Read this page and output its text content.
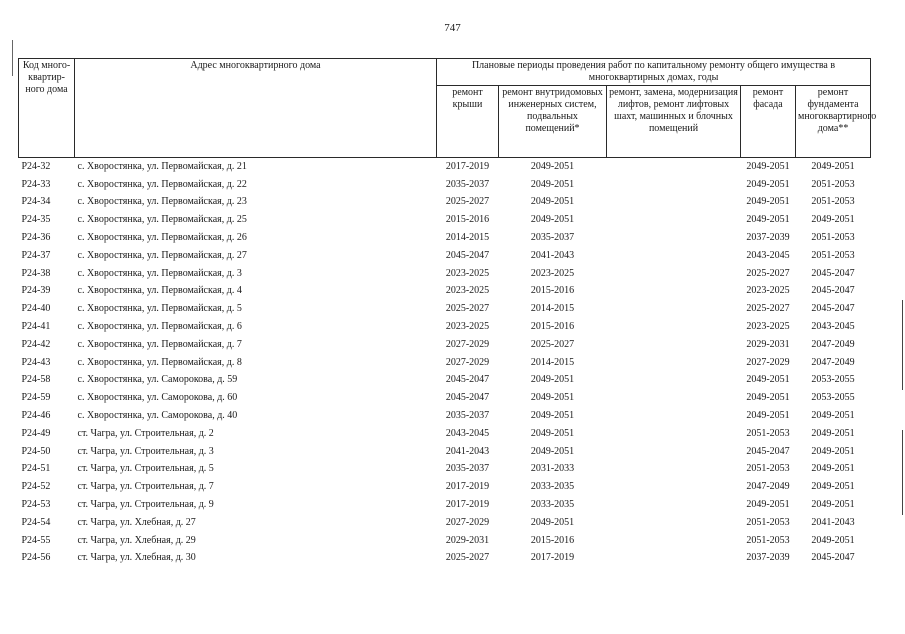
747
Код много-квартир-ного дома	Адрес многоквартирного дома	Плановые периоды проведения работ по капитальному ремонту общего имущества в многоквартирных домах, годы				
		ремонт крыши	ремонт внутридомовых инженерных систем, подвальных помещений*	ремонт, замена, модернизация лифтов, ремонт лифтовых шахт, машинных и блочных помещений	ремонт фасада	ремонт фундамента многоквартирного дома**
P24-32	с. Хворостянка, ул. Первомайская, д. 21	2017-2019	2049-2051		2049-2051	2049-2051
P24-33	с. Хворостянка, ул. Первомайская, д. 22	2035-2037	2049-2051		2049-2051	2051-2053
P24-34	с. Хворостянка, ул. Первомайская, д. 23	2025-2027	2049-2051		2049-2051	2051-2053
P24-35	с. Хворостянка, ул. Первомайская, д. 25	2015-2016	2049-2051		2049-2051	2049-2051
P24-36	с. Хворостянка, ул. Первомайская, д. 26	2014-2015	2035-2037		2037-2039	2051-2053
P24-37	с. Хворостянка, ул. Первомайская, д. 27	2045-2047	2041-2043		2043-2045	2051-2053
P24-38	с. Хворостянка, ул. Первомайская, д. 3	2023-2025	2023-2025		2025-2027	2045-2047
P24-39	с. Хворостянка, ул. Первомайская, д. 4	2023-2025	2015-2016		2023-2025	2045-2047
P24-40	с. Хворостянка, ул. Первомайская, д. 5	2025-2027	2014-2015		2025-2027	2045-2047
P24-41	с. Хворостянка, ул. Первомайская, д. 6	2023-2025	2015-2016		2023-2025	2043-2045
P24-42	с. Хворостянка, ул. Первомайская, д. 7	2027-2029	2025-2027		2029-2031	2047-2049
P24-43	с. Хворостянка, ул. Первомайская, д. 8	2027-2029	2014-2015		2027-2029	2047-2049
P24-58	с. Хворостянка, ул. Саморокова, д. 59	2045-2047	2049-2051		2049-2051	2053-2055
P24-59	с. Хворостянка, ул. Саморокова, д. 60	2045-2047	2049-2051		2049-2051	2053-2055
P24-46	с. Хворостянка, ул. Саморокова, д. 40	2035-2037	2049-2051		2049-2051	2049-2051
P24-49	ст. Чагра, ул. Строительная, д. 2	2043-2045	2049-2051		2051-2053	2049-2051
P24-50	ст. Чагра, ул. Строительная, д. 3	2041-2043	2049-2051		2045-2047	2049-2051
P24-51	ст. Чагра, ул. Строительная, д. 5	2035-2037	2031-2033		2051-2053	2049-2051
P24-52	ст. Чагра, ул. Строительная, д. 7	2017-2019	2033-2035		2047-2049	2049-2051
P24-53	ст. Чагра, ул. Строительная, д. 9	2017-2019	2033-2035		2049-2051	2049-2051
P24-54	ст. Чагра, ул. Хлебная, д. 27	2027-2029	2049-2051		2051-2053	2041-2043
P24-55	ст. Чагра, ул. Хлебная, д. 29	2029-2031	2015-2016		2051-2053	2049-2051
P24-56	ст. Чагра, ул. Хлебная, д. 30	2025-2027	2017-2019		2037-2039	2045-2047
